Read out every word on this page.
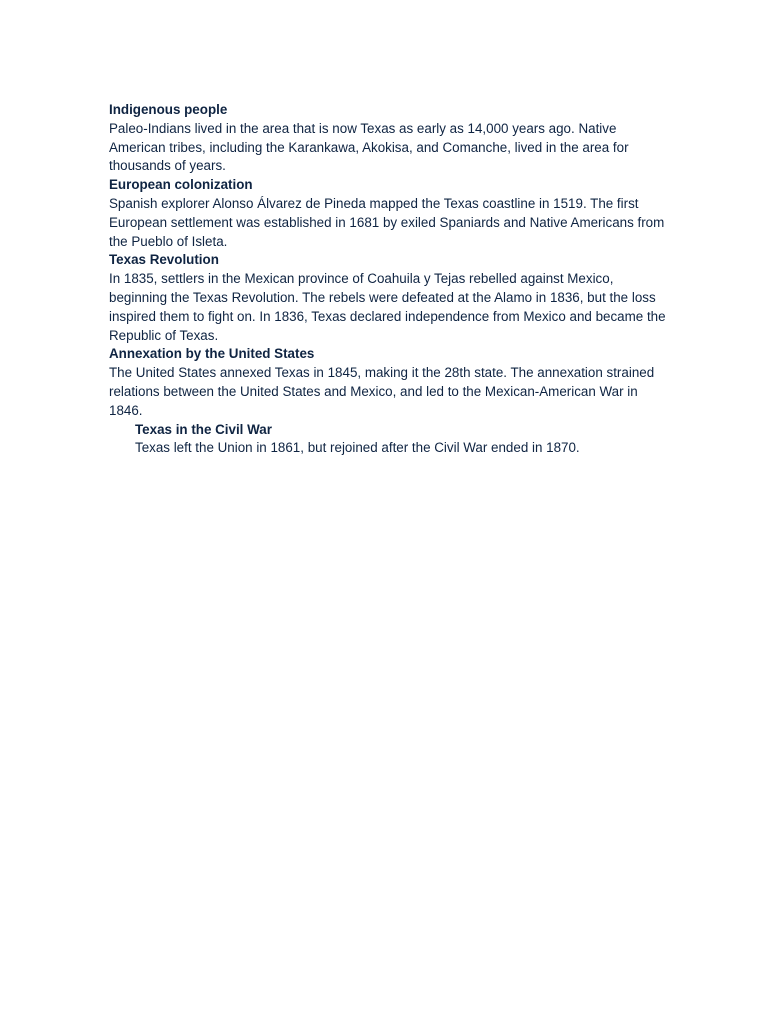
Indigenous people

Paleo-Indians lived in the area that is now Texas as early as 14,000 years ago. Native American tribes, including the Karankawa, Akokisa, and Comanche, lived in the area for thousands of years.

European colonization

Spanish explorer Alonso Álvarez de Pineda mapped the Texas coastline in 1519. The first European settlement was established in 1681 by exiled Spaniards and Native Americans from the Pueblo of Isleta.

Texas Revolution

In 1835, settlers in the Mexican province of Coahuila y Tejas rebelled against Mexico, beginning the Texas Revolution. The rebels were defeated at the Alamo in 1836, but the loss inspired them to fight on. In 1836, Texas declared independence from Mexico and became the Republic of Texas.

Annexation by the United States

The United States annexed Texas in 1845, making it the 28th state. The annexation strained relations between the United States and Mexico, and led to the Mexican-American War in 1846.

Texas in the Civil War

Texas left the Union in 1861, but rejoined after the Civil War ended in 1870.
